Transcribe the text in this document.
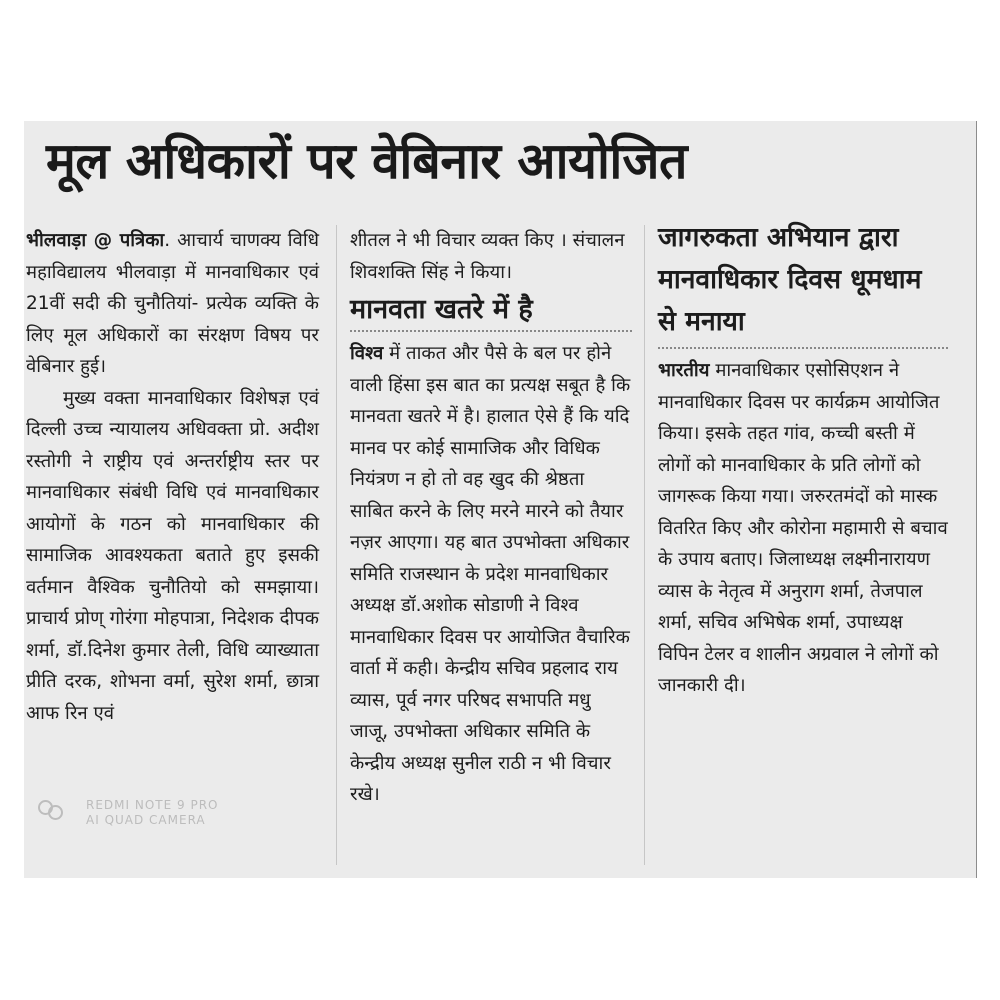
मूल अधिकारों पर वेबिनार आयोजित

भीलवाड़ा @ पत्रिका. आचार्य चाणक्य विधि महाविद्यालय भीलवाड़ा में मानवाधिकार एवं 21वीं सदी की चुनौतियां- प्रत्येक व्यक्ति के लिए मूल अधिकारों का संरक्षण विषय पर वेबिनार हुई।

मुख्य वक्ता मानवाधिकार विशेषज्ञ एवं दिल्ली उच्च न्यायालय अधिवक्ता प्रो. अदीश रस्तोगी ने राष्ट्रीय एवं अन्तर्राष्ट्रीय स्तर पर मानवाधिकार संबंधी विधि एवं मानवाधिकार आयोगों के गठन को मानवाधिकार की सामाजिक आवश्यकता बताते हुए इसकी वर्तमान वैश्विक चुनौतियो को समझाया। प्राचार्य प्रो‌ण् गोरंगा मोहपात्रा, निदेशक दीपक शर्मा, डॉ.दिनेश कुमार तेली, विधि व्याख्याता प्रीति दरक, शोभना वर्मा, सुरेश शर्मा, छात्रा आफ रिन एवं

शीतल ने भी विचार व्यक्त किए । संचालन शिवशक्ति सिंह ने किया।

मानवता खतरे में है

विश्व में ताकत और पैसे के बल पर होने वाली हिंसा इस बात का प्रत्यक्ष सबूत है कि मानवता खतरे में है। हालात ऐसे हैं कि यदि मानव पर कोई सामाजिक और विधिक नियंत्रण न हो तो वह खुद की श्रेष्ठता साबित करने के लिए मरने मारने को तैयार नज़र आएगा। यह बात उपभोक्ता अधिकार समिति राजस्थान के प्रदेश मानवाधिकार अध्यक्ष डॉ.अशोक सोडाणी ने विश्व मानवाधिकार दिवस पर आयोजित वैचारिक वार्ता में कही। केन्द्रीय सचिव प्रहलाद राय व्यास, पूर्व नगर परिषद सभापति मधु जाजू, उपभोक्ता अधिकार समिति के केन्द्रीय अध्यक्ष सुनील राठी न भी विचार रखे।

जागरुकता अभियान द्वारा मानवाधिकार दिवस धूमधाम से मनाया

भारतीय मानवाधिकार एसोसिएशन ने मानवाधिकार दिवस पर कार्यक्रम आयोजित किया। इसके तहत गांव, कच्ची बस्ती में लोगों को मानवाधिकार के प्रति लोगों को जागरूक किया गया। जरुरतमंदों को मास्क वितरित किए और कोरोना महामारी से बचाव के उपाय बताए। जिलाध्यक्ष लक्ष्मीनारायण व्यास के नेतृत्व में अनुराग शर्मा, तेजपाल शर्मा, सचिव अभिषेक शर्मा, उपाध्यक्ष विपिन टेलर व शालीन अग्रवाल ने लोगों को जानकारी दी।

REDMI NOTE 9 PRO
AI QUAD CAMERA
